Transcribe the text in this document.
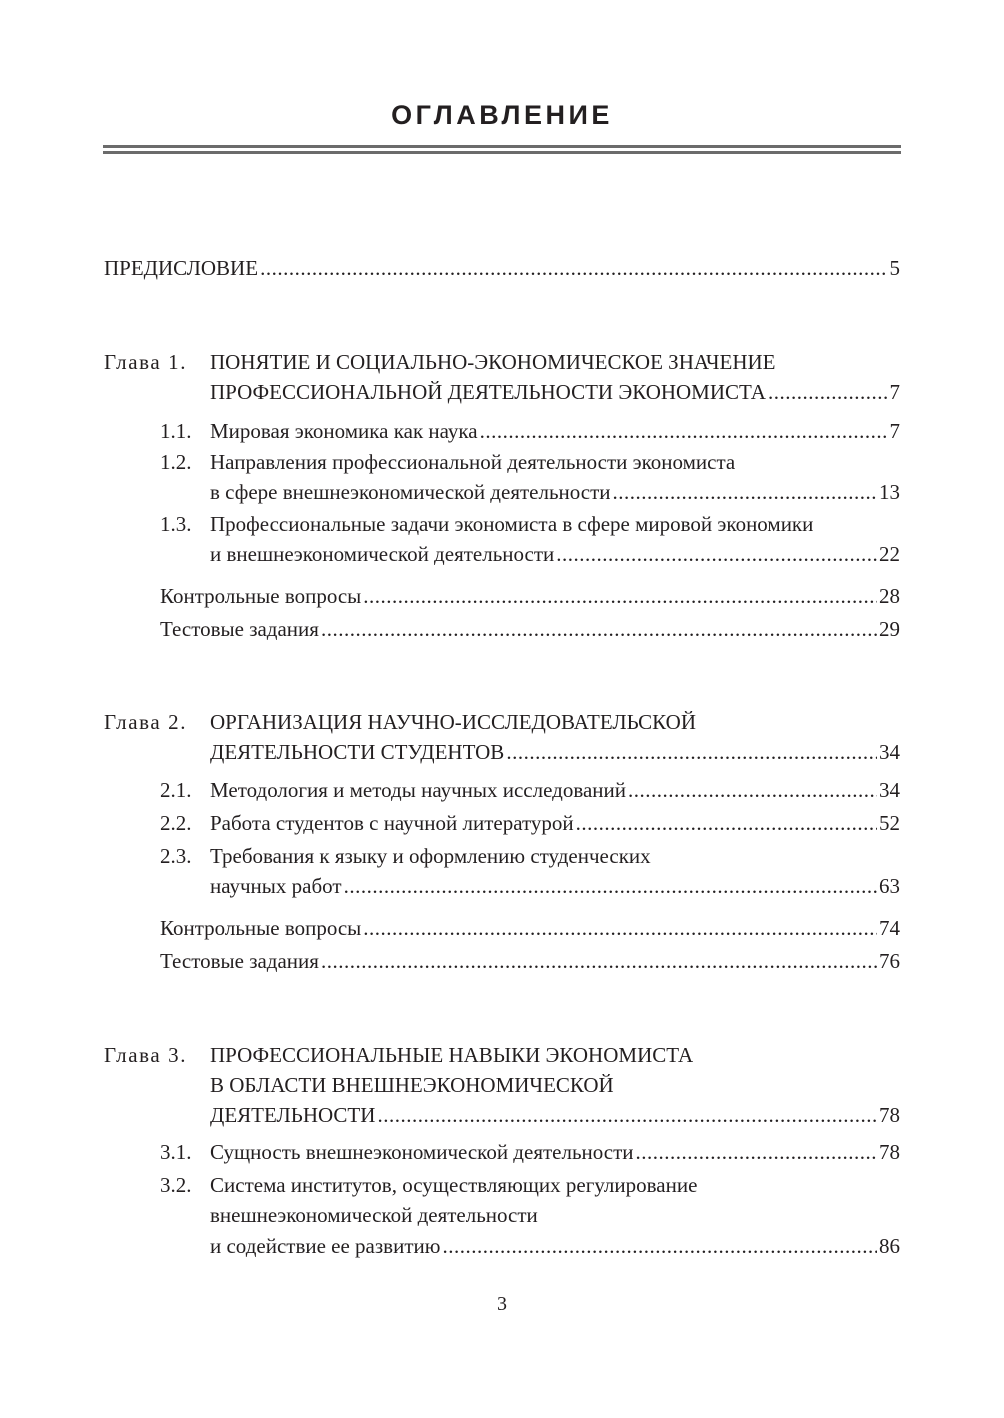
ОГЛАВЛЕНИЕ
ПРЕДИСЛОВИЕ .....	5
Глава 1. ПОНЯТИЕ И СОЦИАЛЬНО-ЭКОНОМИЧЕСКОЕ ЗНАЧЕНИЕ
ПРОФЕССИОНАЛЬНОЙ ДЕЯТЕЛЬНОСТИ ЭКОНОМИСТА .....	7
1.1. Мировая экономика как наука .....	7
1.2. Направления профессиональной деятельности экономиста
в сфере внешнеэкономической деятельности .....	13
1.3. Профессиональные задачи экономиста в сфере мировой экономики
и внешнеэкономической деятельности .....	22
Контрольные вопросы .....	28
Тестовые задания .....	29
Глава 2. ОРГАНИЗАЦИЯ НАУЧНО-ИССЛЕДОВАТЕЛЬСКОЙ
ДЕЯТЕЛЬНОСТИ СТУДЕНТОВ .....	34
2.1. Методология и методы научных исследований .....	34
2.2. Работа студентов с научной литературой .....	52
2.3. Требования к языку и оформлению студенческих
научных работ .....	63
Контрольные вопросы .....	74
Тестовые задания .....	76
Глава 3. ПРОФЕССИОНАЛЬНЫЕ НАВЫКИ ЭКОНОМИСТА
В ОБЛАСТИ ВНЕШНЕЭКОНОМИЧЕСКОЙ
ДЕЯТЕЛЬНОСТИ .....	78
3.1. Сущность внешнеэкономической деятельности .....	78
3.2. Система институтов, осуществляющих регулирование
внешнеэкономической деятельности
и содействие ее развитию .....	86
3
